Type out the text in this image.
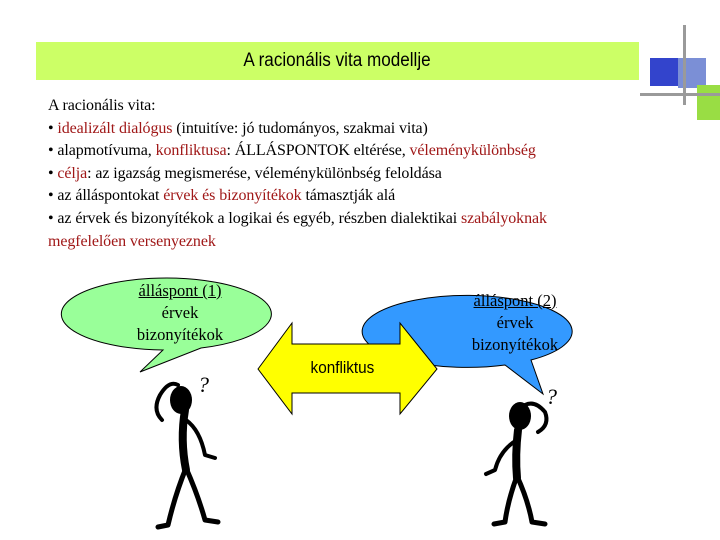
A racionális vita modellje
A racionális vita:
• idealizált dialógus (intuitíve: jó tudományos, szakmai vita)
• alapmotívuma, konfliktusa: ÁLLÁSPONTOK eltérése, véleménykülönbség
• célja: az igazság megismerése, véleménykülönbség feloldása
• az álláspontokat érvek és bizonyítékok támasztják alá
• az érvek és bizonyítékok a logikai és egyéb, részben dialektikai szabályoknak
megfelelően versenyeznek
?	?
álláspont (1)
érvek
bizonyítékok
álláspont (2)
érvek
bizonyítékok
konfliktus
